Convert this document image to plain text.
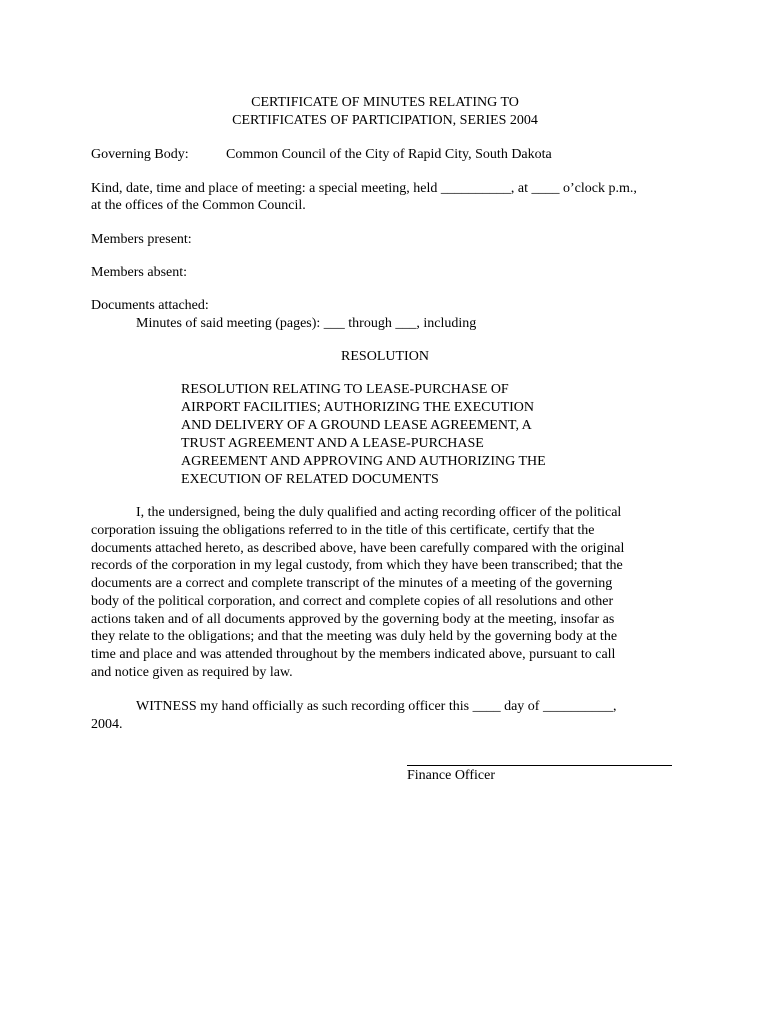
CERTIFICATE OF MINUTES RELATING TO
CERTIFICATES OF PARTICIPATION, SERIES 2004
Governing Body:	Common Council of the City of Rapid City, South Dakota
Kind, date, time and place of meeting: a special meeting, held __________, at ____ o’clock p.m.,
at the offices of the Common Council.
Members present:
Members absent:
Documents attached:
Minutes of said meeting (pages): ___ through ___, including
RESOLUTION
RESOLUTION RELATING TO LEASE-PURCHASE OF
AIRPORT FACILITIES; AUTHORIZING THE EXECUTION
AND DELIVERY OF A GROUND LEASE AGREEMENT, A
TRUST AGREEMENT AND A LEASE-PURCHASE
AGREEMENT AND APPROVING AND AUTHORIZING THE
EXECUTION OF RELATED DOCUMENTS
I, the undersigned, being the duly qualified and acting recording officer of the political
corporation issuing the obligations referred to in the title of this certificate, certify that the
documents attached hereto, as described above, have been carefully compared with the original
records of the corporation in my legal custody, from which they have been transcribed; that the
documents are a correct and complete transcript of the minutes of a meeting of the governing
body of the political corporation, and correct and complete copies of all resolutions and other
actions taken and of all documents approved by the governing body at the meeting, insofar as
they relate to the obligations; and that the meeting was duly held by the governing body at the
time and place and was attended throughout by the members indicated above, pursuant to call
and notice given as required by law.
WITNESS my hand officially as such recording officer this ____ day of __________,
2004.
Finance Officer
